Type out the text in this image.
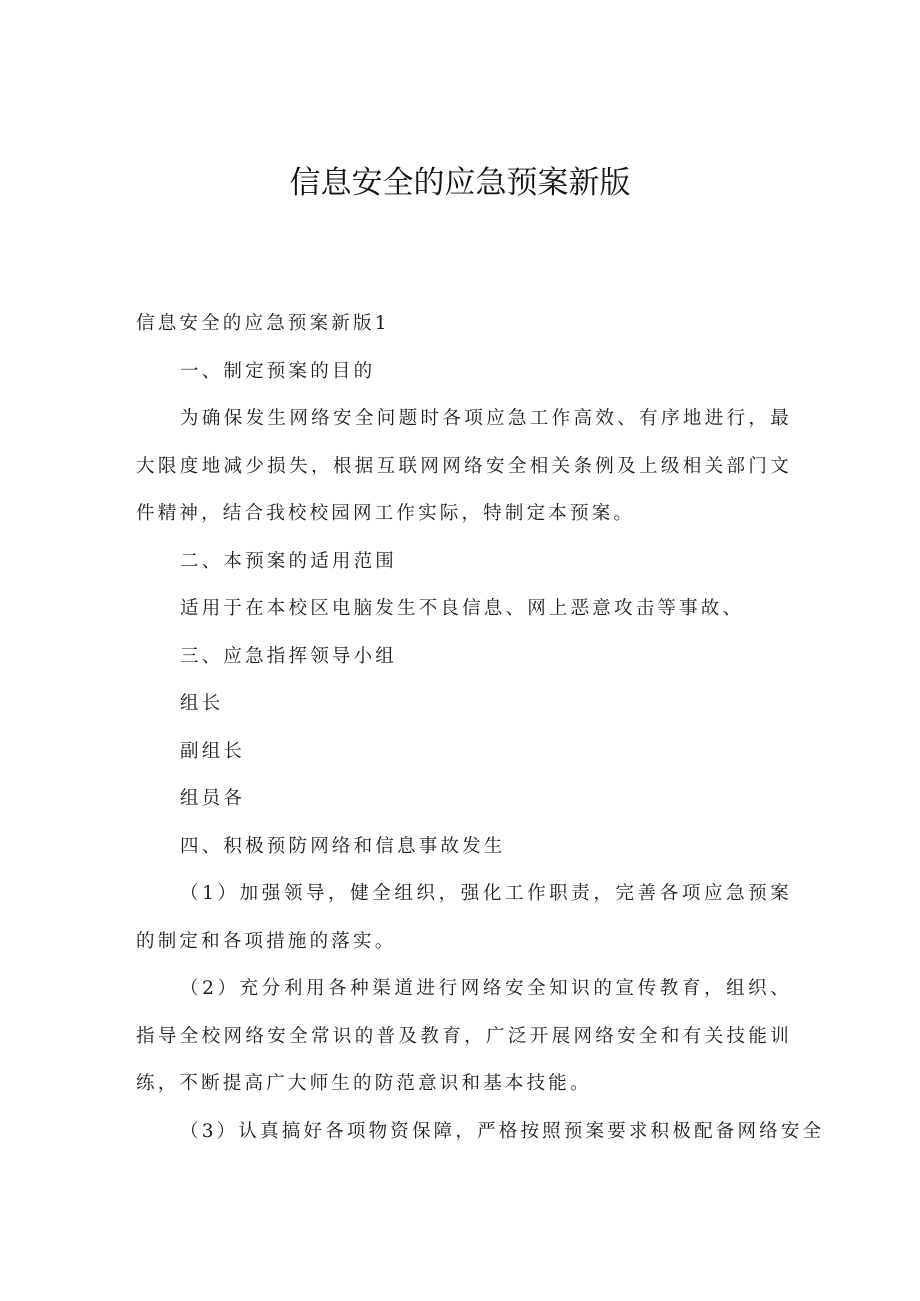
信息安全的应急预案新版

信息安全的应急预案新版1

一、制定预案的目的

为确保发生网络安全问题时各项应急工作高效、有序地进行，最大限度地减少损失，根据互联网网络安全相关条例及上级相关部门文件精神，结合我校校园网工作实际，特制定本预案。

二、本预案的适用范围

适用于在本校区电脑发生不良信息、网上恶意攻击等事故、

三、应急指挥领导小组

组长

副组长

组员各

四、积极预防网络和信息事故发生

（1）加强领导，健全组织，强化工作职责，完善各项应急预案的制定和各项措施的落实。

（2）充分利用各种渠道进行网络安全知识的宣传教育，组织、指导全校网络安全常识的普及教育，广泛开展网络安全和有关技能训练，不断提高广大师生的防范意识和基本技能。

（3）认真搞好各项物资保障，严格按照预案要求积极配备网络安全
